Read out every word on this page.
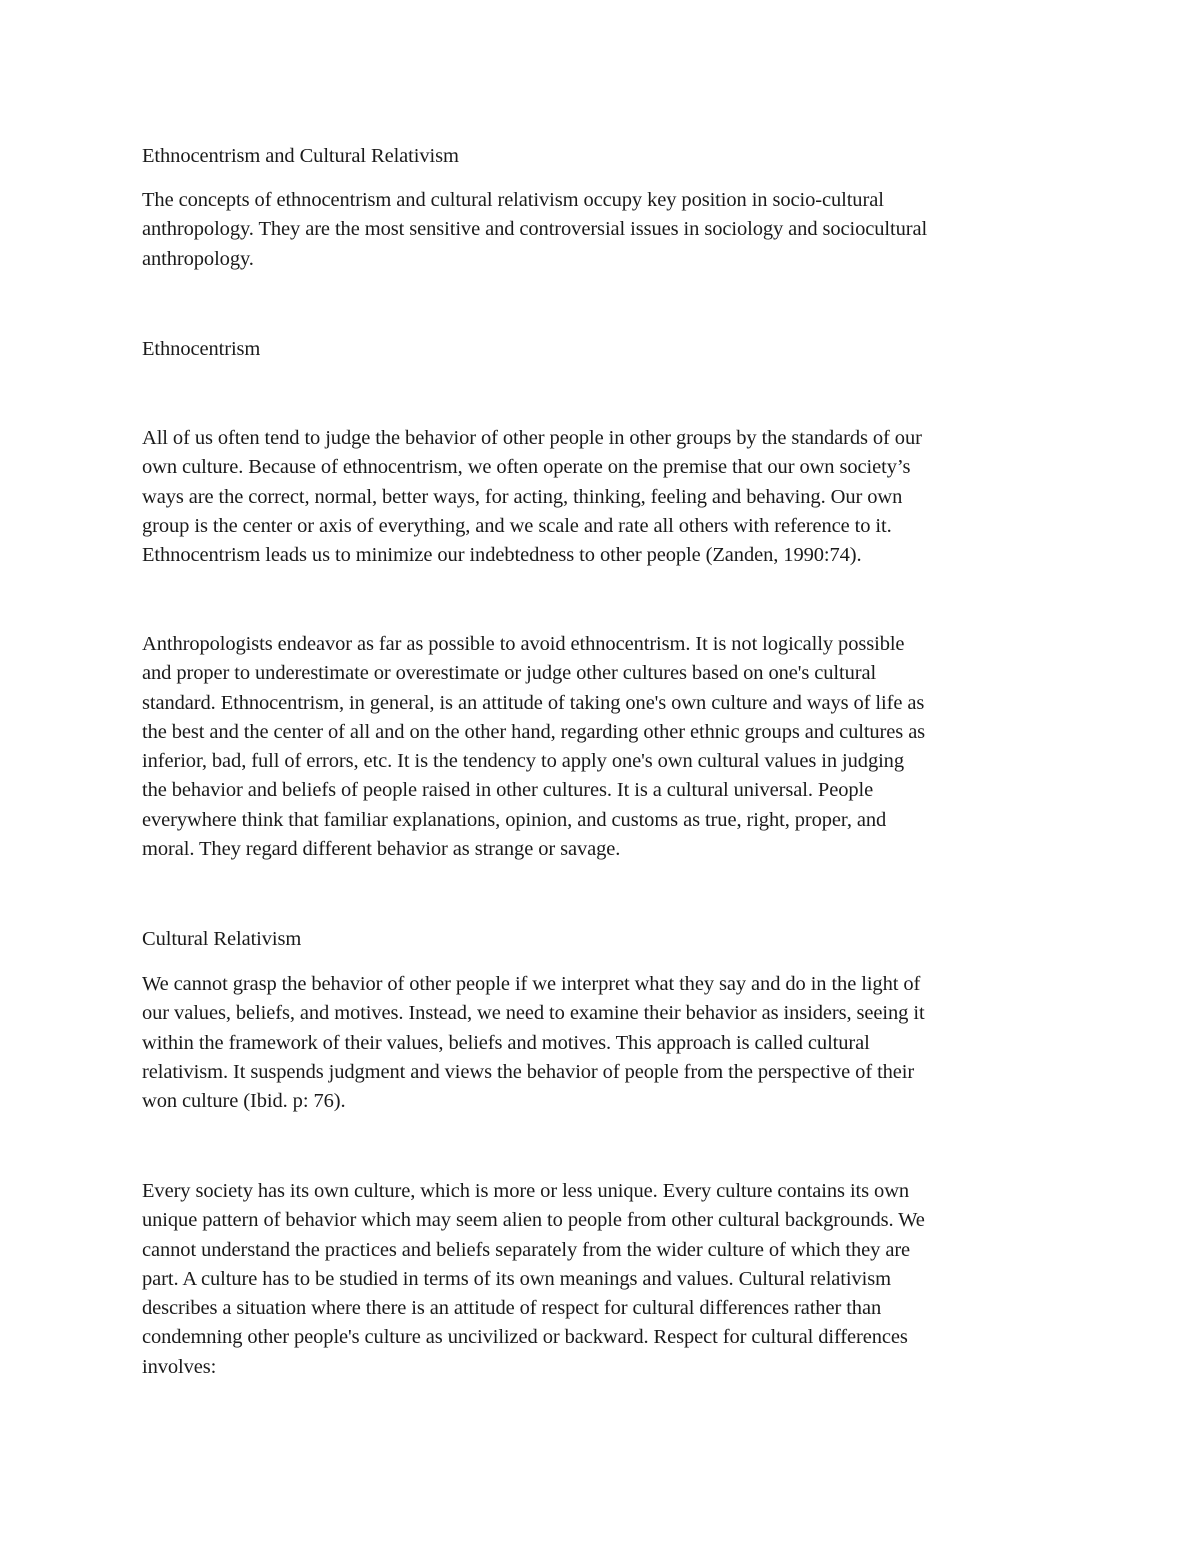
Ethnocentrism and Cultural Relativism

The concepts of ethnocentrism and cultural relativism occupy key position in socio-cultural
anthropology. They are the most sensitive and controversial issues in sociology and sociocultural
anthropology.

Ethnocentrism

All of us often tend to judge the behavior of other people in other groups by the standards of our
own culture. Because of ethnocentrism, we often operate on the premise that our own society’s
ways are the correct, normal, better ways, for acting, thinking, feeling and behaving. Our own
group is the center or axis of everything, and we scale and rate all others with reference to it.
Ethnocentrism leads us to minimize our indebtedness to other people (Zanden, 1990:74).

Anthropologists endeavor as far as possible to avoid ethnocentrism. It is not logically possible
and proper to underestimate or overestimate or judge other cultures based on one's cultural
standard. Ethnocentrism, in general, is an attitude of taking one's own culture and ways of life as
the best and the center of all and on the other hand, regarding other ethnic groups and cultures as
inferior, bad, full of errors, etc. It is the tendency to apply one's own cultural values in judging
the behavior and beliefs of people raised in other cultures. It is a cultural universal. People
everywhere think that familiar explanations, opinion, and customs as true, right, proper, and
moral. They regard different behavior as strange or savage.

Cultural Relativism

We cannot grasp the behavior of other people if we interpret what they say and do in the light of
our values, beliefs, and motives. Instead, we need to examine their behavior as insiders, seeing it
within the framework of their values, beliefs and motives. This approach is called cultural
relativism. It suspends judgment and views the behavior of people from the perspective of their
won culture (Ibid. p: 76).

Every society has its own culture, which is more or less unique. Every culture contains its own
unique pattern of behavior which may seem alien to people from other cultural backgrounds. We
cannot understand the practices and beliefs separately from the wider culture of which they are
part. A culture has to be studied in terms of its own meanings and values. Cultural relativism
describes a situation where there is an attitude of respect for cultural differences rather than
condemning other people's culture as uncivilized or backward. Respect for cultural differences
involves:
